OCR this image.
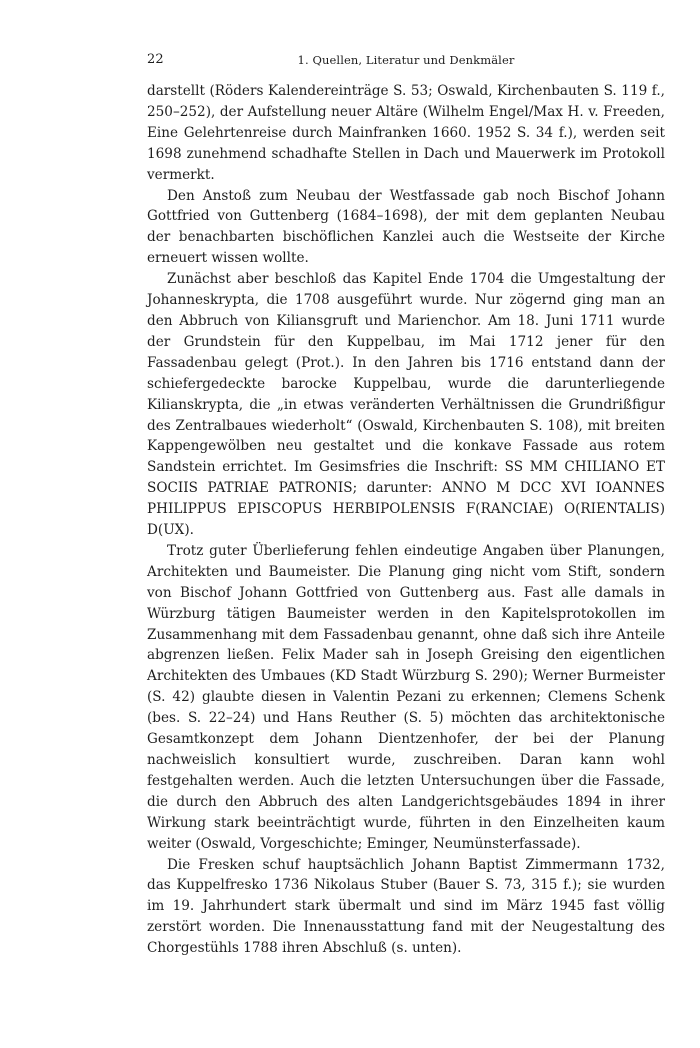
22	1. Quellen, Literatur und Denkmäler

darstellt (Röders Kalendereinträge S. 53; Oswald, Kirchenbauten S. 119 f., 250–252), der Aufstellung neuer Altäre (Wilhelm Engel/Max H. v. Freeden, Eine Gelehrtenreise durch Mainfranken 1660. 1952 S. 34 f.), werden seit 1698 zunehmend schadhafte Stellen in Dach und Mauerwerk im Protokoll vermerkt.

Den Anstoß zum Neubau der Westfassade gab noch Bischof Johann Gottfried von Guttenberg (1684–1698), der mit dem geplanten Neubau der benachbarten bischöflichen Kanzlei auch die Westseite der Kirche erneuert wissen wollte.

Zunächst aber beschloß das Kapitel Ende 1704 die Umgestaltung der Johanneskrypta, die 1708 ausgeführt wurde. Nur zögernd ging man an den Abbruch von Kiliansgruft und Marienchor. Am 18. Juni 1711 wurde der Grundstein für den Kuppelbau, im Mai 1712 jener für den Fassadenbau gelegt (Prot.). In den Jahren bis 1716 entstand dann der schiefergedeckte barocke Kuppelbau, wurde die darunterliegende Kilianskrypta, die „in etwas veränderten Verhältnissen die Grundrißfigur des Zentralbaues wiederholt“ (Oswald, Kirchenbauten S. 108), mit breiten Kappengewölben neu gestaltet und die konkave Fassade aus rotem Sandstein errichtet. Im Gesimsfries die Inschrift: SS MM CHILIANO ET SOCIIS PATRIAE PATRONIS; darunter: ANNO M DCC XVI IOANNES PHILIPPUS EPISCOPUS HERBIPOLENSIS F(RANCIAE) O(RIENTALIS) D(UX).

Trotz guter Überlieferung fehlen eindeutige Angaben über Planungen, Architekten und Baumeister. Die Planung ging nicht vom Stift, sondern von Bischof Johann Gottfried von Guttenberg aus. Fast alle damals in Würzburg tätigen Baumeister werden in den Kapitelsprotokollen im Zusammenhang mit dem Fassadenbau genannt, ohne daß sich ihre Anteile abgrenzen ließen. Felix Mader sah in Joseph Greising den eigentlichen Architekten des Umbaues (KD Stadt Würzburg S. 290); Werner Burmeister (S. 42) glaubte diesen in Valentin Pezani zu erkennen; Clemens Schenk (bes. S. 22–24) und Hans Reuther (S. 5) möchten das architektonische Gesamtkonzept dem Johann Dientzenhofer, der bei der Planung nachweislich konsultiert wurde, zuschreiben. Daran kann wohl festgehalten werden. Auch die letzten Untersuchungen über die Fassade, die durch den Abbruch des alten Landgerichtsgebäudes 1894 in ihrer Wirkung stark beeinträchtigt wurde, führten in den Einzelheiten kaum weiter (Oswald, Vorgeschichte; Eminger, Neumünsterfassade).

Die Fresken schuf hauptsächlich Johann Baptist Zimmermann 1732, das Kuppelfresko 1736 Nikolaus Stuber (Bauer S. 73, 315 f.); sie wurden im 19. Jahrhundert stark übermalt und sind im März 1945 fast völlig zerstört worden. Die Innenausstattung fand mit der Neugestaltung des Chorgestühls 1788 ihren Abschluß (s. unten).
